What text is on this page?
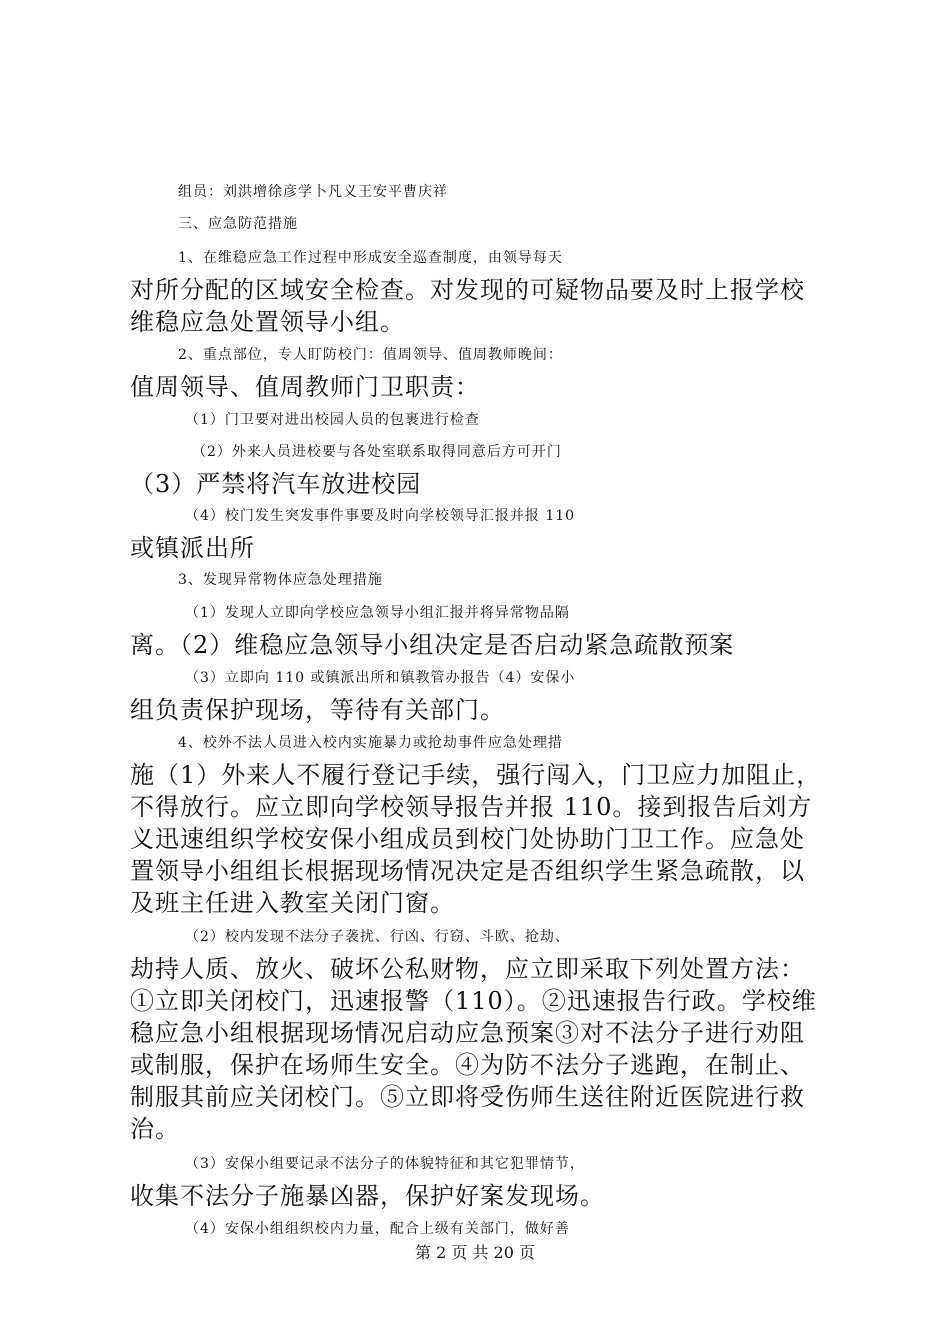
组员：刘洪增徐彦学卜凡义王安平曹庆祥
三、应急防范措施
1、在维稳应急工作过程中形成安全巡查制度，由领导每天
对所分配的区域安全检查。对发现的可疑物品要及时上报学校
维稳应急处置领导小组。
2、重点部位，专人盯防校门：值周领导、值周教师晚间：
值周领导、值周教师门卫职责：
（1）门卫要对进出校园人员的包裹进行检查
（2）外来人员进校要与各处室联系取得同意后方可开门
（3）严禁将汽车放进校园
（4）校门发生突发事件事要及时向学校领导汇报并报 110
或镇派出所
3、发现异常物体应急处理措施
（1）发现人立即向学校应急领导小组汇报并将异常物品隔
离。（2）维稳应急领导小组决定是否启动紧急疏散预案
（3）立即向 110 或镇派出所和镇教管办报告（4）安保小
组负责保护现场，等待有关部门。
4、校外不法人员进入校内实施暴力或抢劫事件应急处理措
施（1）外来人不履行登记手续，强行闯入，门卫应力加阻止，
不得放行。应立即向学校领导报告并报 110。接到报告后刘方
义迅速组织学校安保小组成员到校门处协助门卫工作。应急处
置领导小组组长根据现场情况决定是否组织学生紧急疏散，以
及班主任进入教室关闭门窗。
（2）校内发现不法分子袭扰、行凶、行窃、斗欧、抢劫、
劫持人质、放火、破坏公私财物，应立即采取下列处置方法：
①立即关闭校门，迅速报警（110）。②迅速报告行政。学校维
稳应急小组根据现场情况启动应急预案③对不法分子进行劝阻
或制服，保护在场师生安全。④为防不法分子逃跑，在制止、
制服其前应关闭校门。⑤立即将受伤师生送往附近医院进行救
治。
（3）安保小组要记录不法分子的体貌特征和其它犯罪情节，
收集不法分子施暴凶器，保护好案发现场。
（4）安保小组组织校内力量，配合上级有关部门，做好善
第 2 页 共 20 页
